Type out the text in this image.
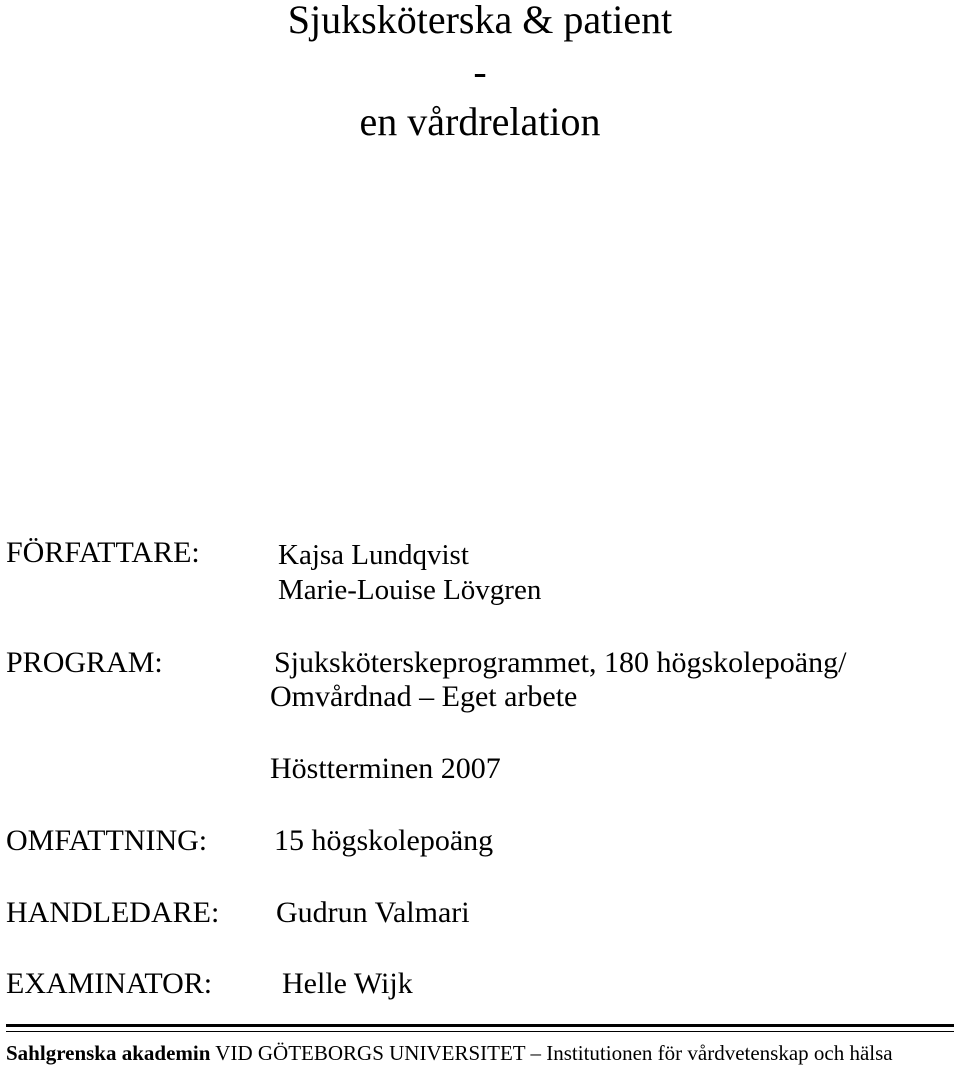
Sjuksköterska & patient
-
en vårdrelation
FÖRFATTARE:	Kajsa Lundqvist
Marie-Louise Lövgren
PROGRAM:	Sjuksköterskeprogrammet, 180 högskolepoäng/
Omvårdnad – Eget arbete
Höstterminen 2007
OMFATTNING: 15 högskolepoäng
HANDLEDARE: Gudrun Valmari
EXAMINATOR: Helle Wijk
Sahlgrenska akademin VID GÖTEBORGS UNIVERSITET – Institutionen för vårdvetenskap och hälsa
